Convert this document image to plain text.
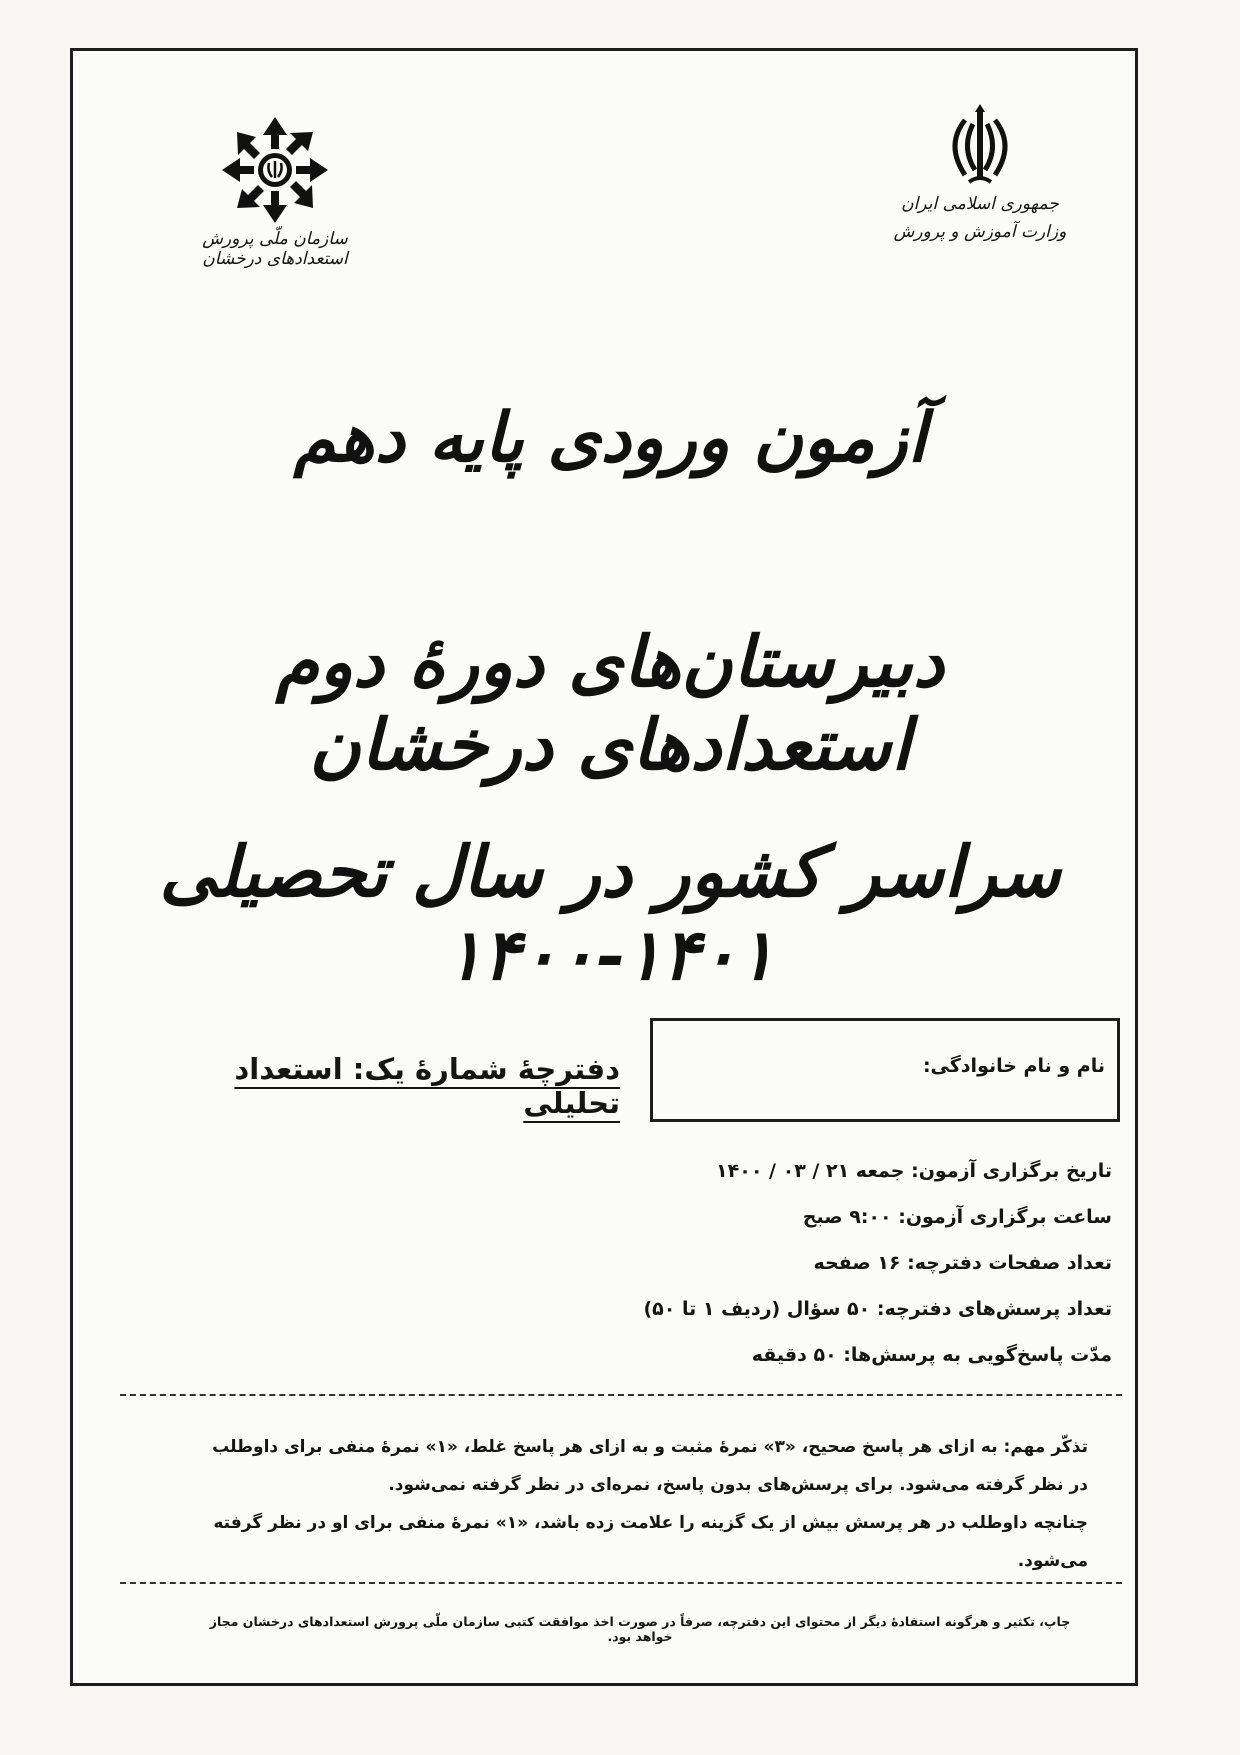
سازمان ملّی پرورش استعدادهای درخشان
جمهوری اسلامی ایران
وزارت آموزش و پرورش
آزمون ورودی پایه دهم
دبیرستان‌های دورهٔ دوم استعدادهای درخشان
سراسر کشور در سال تحصیلی ۱۴۰۱-۱۴۰۰
دفترچهٔ شمارهٔ یک: استعداد تحلیلی
نام و نام خانوادگی:
تاریخ برگزاری آزمون: جمعه ۲۱ / ۰۳ / ۱۴۰۰
ساعت برگزاری آزمون: ۹:۰۰ صبح
تعداد صفحات دفترچه: ۱۶ صفحه
تعداد پرسش‌های دفترچه: ۵۰ سؤال (ردیف ۱ تا ۵۰)
مدّت پاسخ‌گویی به پرسش‌ها: ۵۰ دقیقه
تذکّر مهم: به ازای هر پاسخ صحیح، «۳» نمرهٔ مثبت و به ازای هر پاسخ غلط، «۱» نمرهٔ منفی برای داوطلب
در نظر گرفته می‌شود. برای پرسش‌های بدون پاسخ، نمره‌ای در نظر گرفته نمی‌شود.
چنانچه داوطلب در هر پرسش بیش از یک گزینه را علامت زده باشد، «۱» نمرهٔ منفی برای او در نظر گرفته می‌شود.
چاپ، تکثیر و هرگونه استفادهٔ دیگر از محتوای این دفترچه، صرفاً در صورت اخذ موافقت کتبی سازمان ملّی پرورش استعدادهای درخشان مجاز خواهد بود.
